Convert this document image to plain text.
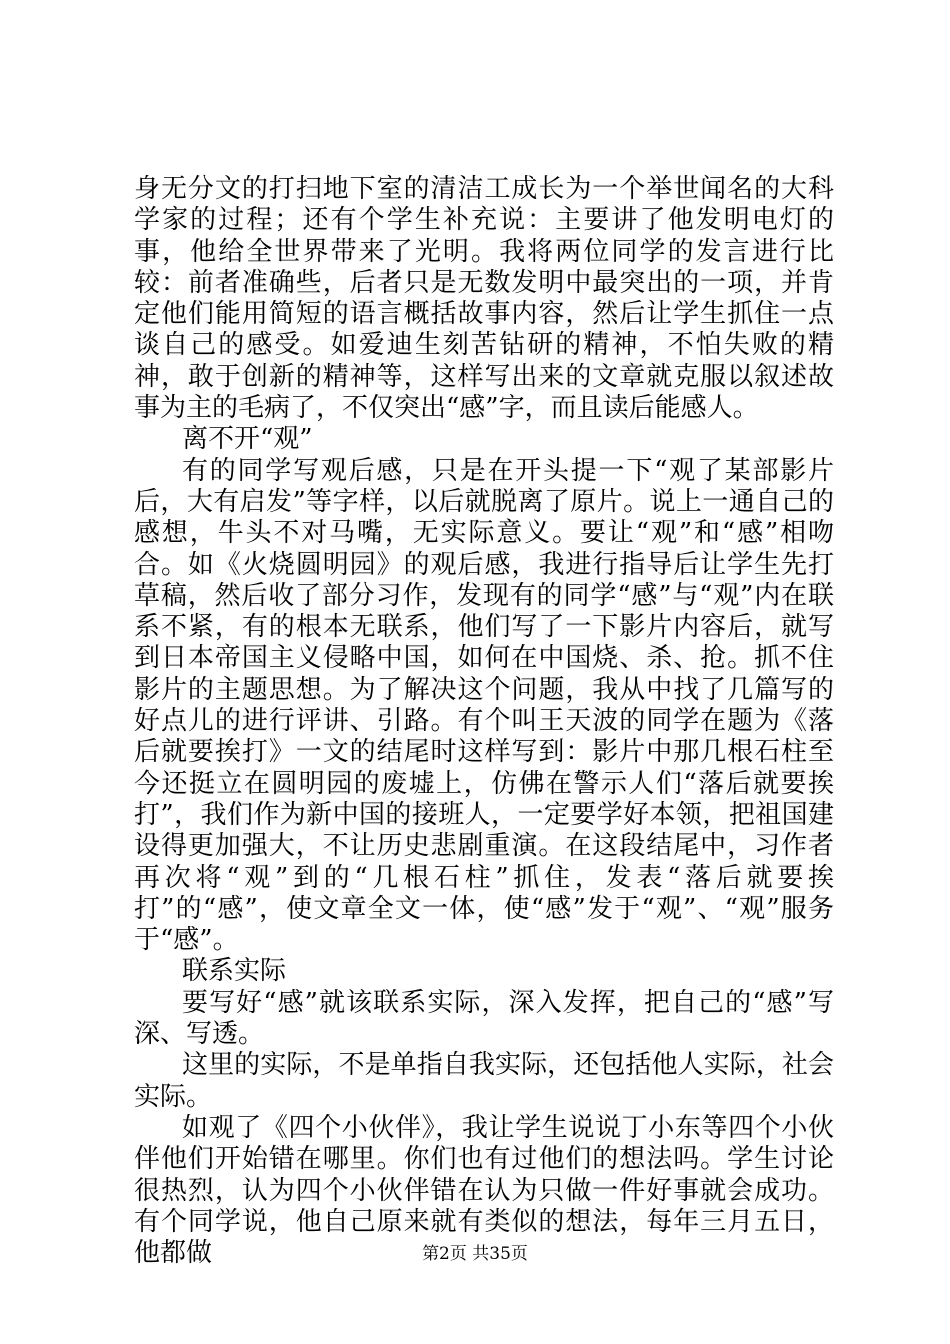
身无分文的打扫地下室的清洁工成长为一个举世闻名的大科学家的过程；还有个学生补充说：主要讲了他发明电灯的事，他给全世界带来了光明。我将两位同学的发言进行比较：前者准确些，后者只是无数发明中最突出的一项，并肯定他们能用简短的语言概括故事内容，然后让学生抓住一点谈自己的感受。如爱迪生刻苦钻研的精神，不怕失败的精神，敢于创新的精神等，这样写出来的文章就克服以叙述故事为主的毛病了，不仅突出“感”字，而且读后能感人。

离不开“观”

有的同学写观后感，只是在开头提一下“观了某部影片后，大有启发”等字样，以后就脱离了原片。说上一通自己的感想，牛头不对马嘴，无实际意义。要让“观”和“感”相吻合。如《火烧圆明园》的观后感，我进行指导后让学生先打草稿，然后收了部分习作，发现有的同学“感”与“观”内在联系不紧，有的根本无联系，他们写了一下影片内容后，就写到日本帝国主义侵略中国，如何在中国烧、杀、抢。抓不住影片的主题思想。为了解决这个问题，我从中找了几篇写的好点儿的进行评讲、引路。有个叫王天波的同学在题为《落后就要挨打》一文的结尾时这样写到：影片中那几根石柱至今还挺立在圆明园的废墟上，仿佛在警示人们“落后就要挨打”，我们作为新中国的接班人，一定要学好本领，把祖国建设得更加强大，不让历史悲剧重演。在这段结尾中，习作者再次将“观”到的“几根石柱”抓住，发表“落后就要挨打”的“感”，使文章全文一体，使“感”发于“观”、“观”服务于“感”。

联系实际

要写好“感”就该联系实际，深入发挥，把自己的“感”写深、写透。

这里的实际，不是单指自我实际，还包括他人实际，社会实际。

如观了《四个小伙伴》，我让学生说说丁小东等四个小伙伴他们开始错在哪里。你们也有过他们的想法吗。学生讨论很热烈，认为四个小伙伴错在认为只做一件好事就会成功。有个同学说，他自己原来就有类似的想法，每年三月五日，他都做	第2页 共35页
